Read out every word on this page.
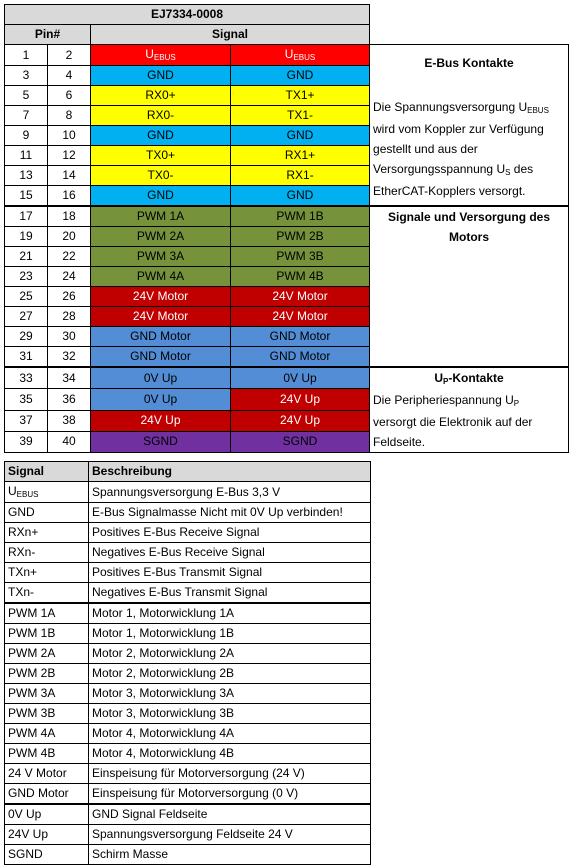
EJ7334-0008				
Pin#		Signal		
1	2	$U_{EBUS}$	$U_{EBUS}$	E-Bus Kontakte
Die Spannungsversorgung $U_{EBUS}$ wird vom Koppler zur Verfügung gestellt und aus der Versorgungsspannung $U_S$ des EtherCAT-Kopplers versorgt.

3	4	GND	GND	
5	6	RX0+	TX1+	
7	8	RX0-	TX1-	
9	10	GND	GND	
11	12	TX0+	RX1+	
13	14	TX0-	RX1-	
15	16	GND	GND	
17	18	PWM 1A	PWM 1B	Signale und Versorgung des Motors

19	20	PWM 2A	PWM 2B	
21	22	PWM 3A	PWM 3B	
23	24	PWM 4A	PWM 4B	
25	26	24V Motor	24V Motor	
27	28	24V Motor	24V Motor	
29	30	GND Motor	GND Motor	
31	32	GND Motor	GND Motor	
33	34	0V Up	0V Up	$U_P$-Kontakte
Die Peripheriespannung $U_P$ versorgt die Elektronik auf der Feldseite.

35	36	0V Up	24V Up	
37	38	24V Up	24V Up	
39	40	SGND	SGND	
Signal	Beschreibung
$U_{EBUS}$	Spannungsversorgung E-Bus 3,3 V
GND	E-Bus Signalmasse Nicht mit 0V Up verbinden!
RXn+	Positives E-Bus Receive Signal
RXn-	Negatives E-Bus Receive Signal
TXn+	Positives E-Bus Transmit Signal
TXn-	Negatives E-Bus Transmit Signal
PWM 1A	Motor 1, Motorwicklung 1A
PWM 1B	Motor 1, Motorwicklung 1B
PWM 2A	Motor 2, Motorwicklung 2A
PWM 2B	Motor 2, Motorwicklung 2B
PWM 3A	Motor 3, Motorwicklung 3A
PWM 3B	Motor 3, Motorwicklung 3B
PWM 4A	Motor 4, Motorwicklung 4A
PWM 4B	Motor 4, Motorwicklung 4B
24 V Motor	Einspeisung für Motorversorgung (24 V)
GND Motor	Einspeisung für Motorversorgung (0 V)
0V Up	GND Signal Feldseite
24V Up	Spannungsversorgung Feldseite 24 V
SGND	Schirm Masse
